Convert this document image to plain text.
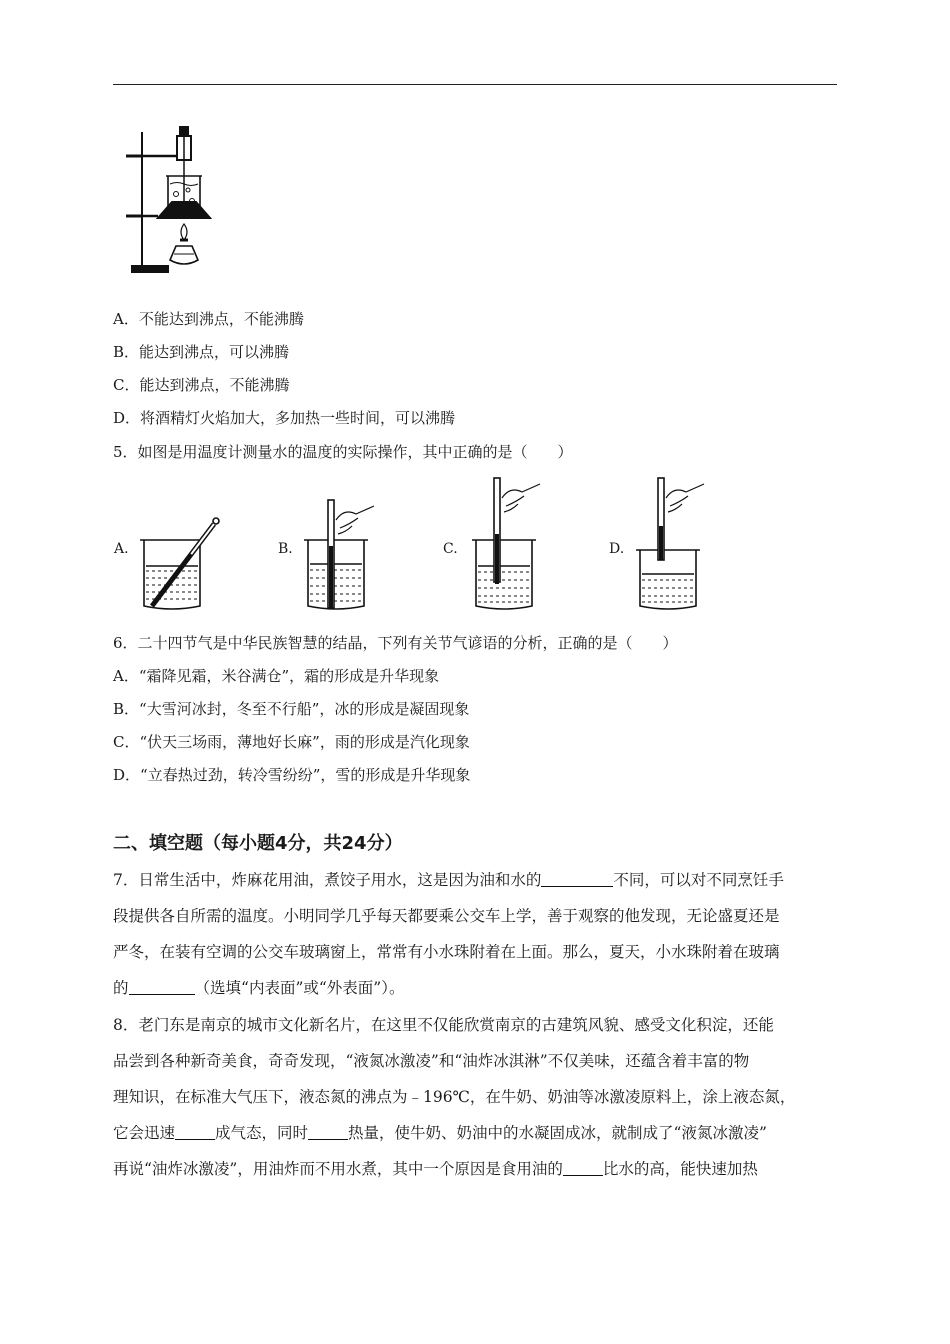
A．不能达到沸点，不能沸腾
B．能达到沸点，可以沸腾
C．能达到沸点，不能沸腾
D．将酒精灯火焰加大，多加热一些时间，可以沸腾
5．如图是用温度计测量水的温度的实际操作，其中正确的是（　　）
A.	B.	C.	D.
6．二十四节气是中华民族智慧的结晶，下列有关节气谚语的分析，正确的是（　　）
A．“霜降见霜，米谷满仓”，霜的形成是升华现象
B．“大雪河冰封，冬至不行船”，冰的形成是凝固现象
C．“伏天三场雨，薄地好长麻”，雨的形成是汽化现象
D．“立春热过劲，转冷雪纷纷”，雪的形成是升华现象
二、填空题（每小题4分，共24分）
7．日常生活中，炸麻花用油，煮饺子用水，这是因为油和水的	不同，可以对不同烹饪手
段提供各自所需的温度。小明同学几乎每天都要乘公交车上学，善于观察的他发现，无论盛夏还是
严冬，在装有空调的公交车玻璃窗上，常常有小水珠附着在上面。那么，夏天，小水珠附着在玻璃
的	（选填“内表面”或“外表面”）。
8．老门东是南京的城市文化新名片，在这里不仅能欣赏南京的古建筑风貌、感受文化积淀，还能
品尝到各种新奇美食，奇奇发现，“液氮冰激凌”和“油炸冰淇淋”不仅美味，还蕴含着丰富的物
理知识，在标准大气压下，液态氮的沸点为﹣196℃，在牛奶、奶油等冰激凌原料上，涂上液态氮，
它会迅速	成气态，同时	热量，使牛奶、奶油中的水凝固成冰，就制成了“液氮冰激凌”
再说“油炸冰激凌”，用油炸而不用水煮，其中一个原因是食用油的	比水的高，能快速加热
